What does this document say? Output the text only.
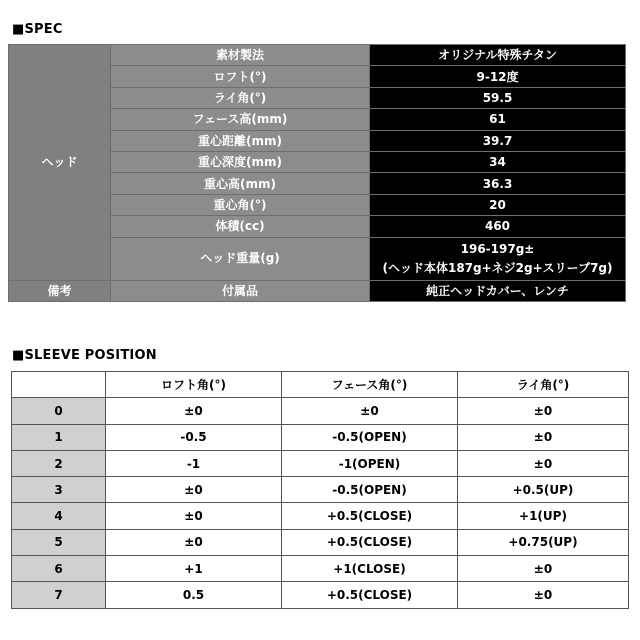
■SPEC
ヘッド	素材製法	オリジナル特殊チタン
	ロフト(°)	9-12度
	ライ角(°)	59.5
	フェース高(mm)	61
	重心距離(mm)	39.7
	重心深度(mm)	34
	重心高(mm)	36.3
	重心角(°)	20
	体積(cc)	460
	ヘッド重量(g)	196-197g±
(ヘッド本体187g+ネジ2g+スリーブ7g)

備考	付属品	純正ヘッドカバー、レンチ
■SLEEVE POSITION
	ロフト角(°)	フェース角(°)	ライ角(°)
0	±0	±0	±0
1	-0.5	-0.5(OPEN)	±0
2	-1	-1(OPEN)	±0
3	±0	-0.5(OPEN)	+0.5(UP)
4	±0	+0.5(CLOSE)	+1(UP)
5	±0	+0.5(CLOSE)	+0.75(UP)
6	+1	+1(CLOSE)	±0
7	0.5	+0.5(CLOSE)	±0
